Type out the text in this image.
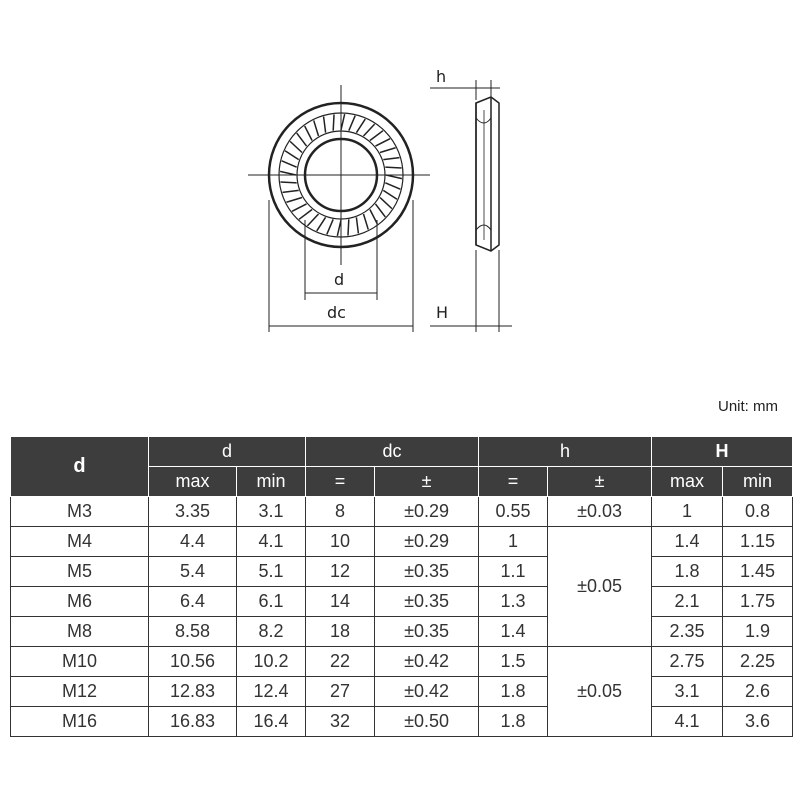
h
d
dc	H
Unit: mm
d	d		dc		h		H	
	max	min	=	±	=	±	max	min
M3	3.35	3.1	8	±0.29	0.55	±0.03	1	0.8
M4	4.4	4.1	10	±0.29	1	±0.05	1.4	1.15
M5	5.4	5.1	12	±0.35	1.1		1.8	1.45
M6	6.4	6.1	14	±0.35	1.3		2.1	1.75
M8	8.58	8.2	18	±0.35	1.4		2.35	1.9
M10	10.56	10.2	22	±0.42	1.5	±0.05	2.75	2.25
M12	12.83	12.4	27	±0.42	1.8		3.1	2.6
M16	16.83	16.4	32	±0.50	1.8		4.1	3.6
